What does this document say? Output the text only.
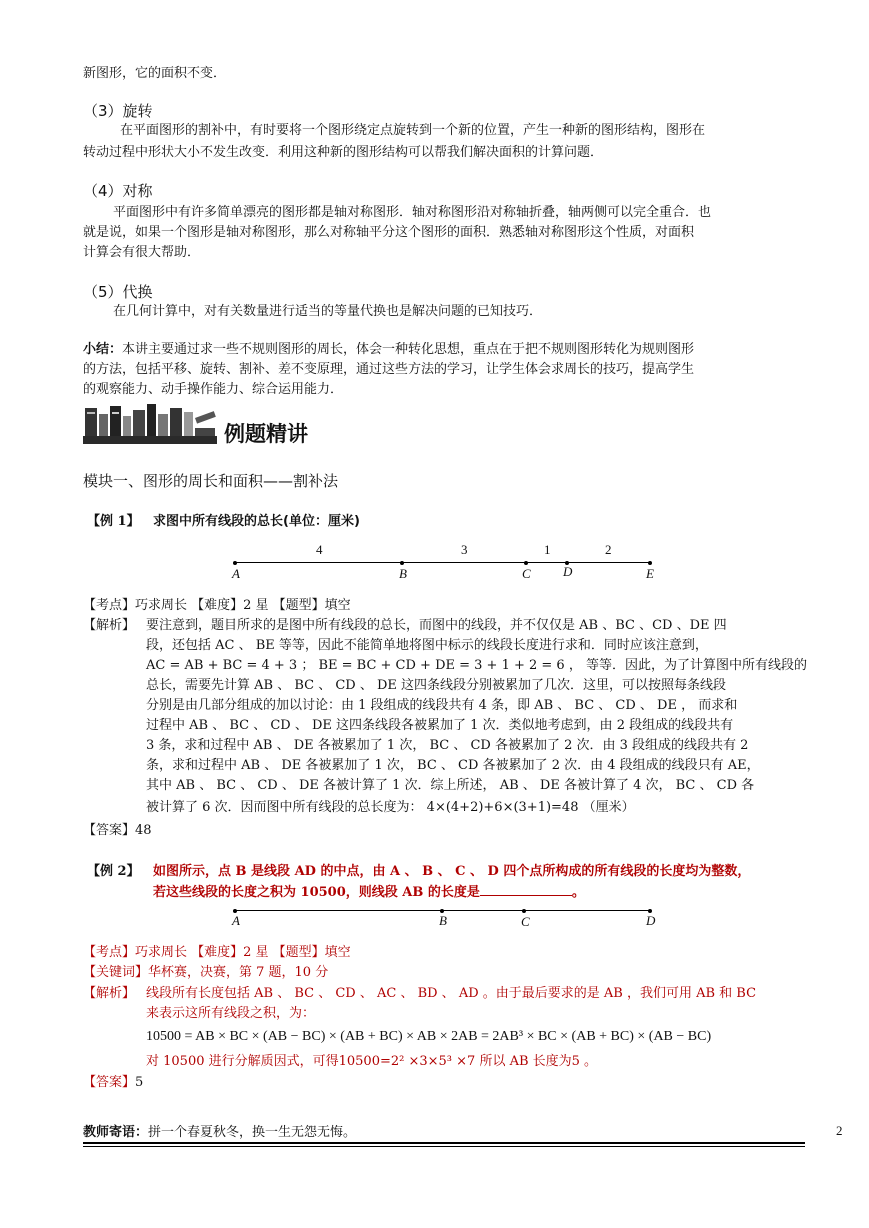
新图形，它的面积不变．
（3）旋转
在平面图形的割补中，有时要将一个图形绕定点旋转到一个新的位置，产生一种新的图形结构，图形在
转动过程中形状大小不发生改变．利用这种新的图形结构可以帮我们解决面积的计算问题．
（4）对称
平面图形中有许多简单漂亮的图形都是轴对称图形．轴对称图形沿对称轴折叠，轴两侧可以完全重合．也
就是说，如果一个图形是轴对称图形，那么对称轴平分这个图形的面积．熟悉轴对称图形这个性质，对面积
计算会有很大帮助．
（5）代换
在几何计算中，对有关数量进行适当的等量代换也是解决问题的已知技巧．
小结：本讲主要通过求一些不规则图形的周长，体会一种转化思想，重点在于把不规则图形转化为规则图形
的方法，包括平移、旋转、割补、差不变原理，通过这些方法的学习，让学生体会求周长的技巧，提高学生
的观察能力、动手操作能力、综合运用能力．
例题精讲
模块一、图形的周长和面积——割补法
【例 1】 求图中所有线段的总长(单位：厘米)
4	3	1	2
A	B	C D	E
【考点】巧求周长 【难度】2 星 【题型】填空
【解析】 要注意到，题目所求的是图中所有线段的总长，而图中的线段，并不仅仅是 AB 、BC 、CD 、DE 四
段，还包括 AC 、 BE 等等，因此不能简单地将图中标示的线段长度进行求和．同时应该注意到，
AC = AB + BC = 4 + 3 ； BE = BC + CD + DE = 3 + 1 + 2 = 6 ， 等等．因此，为了计算图中所有线段的
总长，需要先计算 AB 、 BC 、 CD 、 DE 这四条线段分别被累加了几次．这里，可以按照每条线段
分别是由几部分组成的加以讨论：由 1 段组成的线段共有 4 条，即 AB 、 BC 、 CD 、 DE ， 而求和
过程中 AB 、 BC 、 CD 、 DE 这四条线段各被累加了 1 次．类似地考虑到，由 2 段组成的线段共有
3 条，求和过程中 AB 、 DE 各被累加了 1 次， BC 、 CD 各被累加了 2 次．由 3 段组成的线段共有 2
条，求和过程中 AB 、 DE 各被累加了 1 次， BC 、 CD 各被累加了 2 次．由 4 段组成的线段只有 AE，
其中 AB 、 BC 、 CD 、 DE 各被计算了 1 次．综上所述， AB 、 DE 各被计算了 4 次， BC 、 CD 各
被计算了 6 次．因而图中所有线段的总长度为： 4×(4+2)+6×(3+1)=48 （厘米）
【答案】48
【例 2】 如图所示，点 B 是线段 AD 的中点，由 A 、 B 、 C 、 D 四个点所构成的所有线段的长度均为整数，
若这些线段的长度之积为 10500，则线段 AB 的长度是	。
A	B	C	D
【考点】巧求周长 【难度】2 星 【题型】填空
【关键词】华杯赛，决赛，第 7 题，10 分
【解析】 线段所有长度包括 AB 、 BC 、 CD 、 AC 、 BD 、 AD 。由于最后要求的是 AB ，我们可用 AB 和 BC
来表示这所有线段之积，为：
10500 = AB × BC × (AB − BC) × (AB + BC) × AB × 2AB = 2AB³ × BC × (AB + BC) × (AB − BC)
对 10500 进行分解质因式，可得10500=2² ×3×5³ ×7 所以 AB 长度为5 。
【答案】5
教师寄语：拼一个春夏秋冬，换一生无怨无悔。	2
